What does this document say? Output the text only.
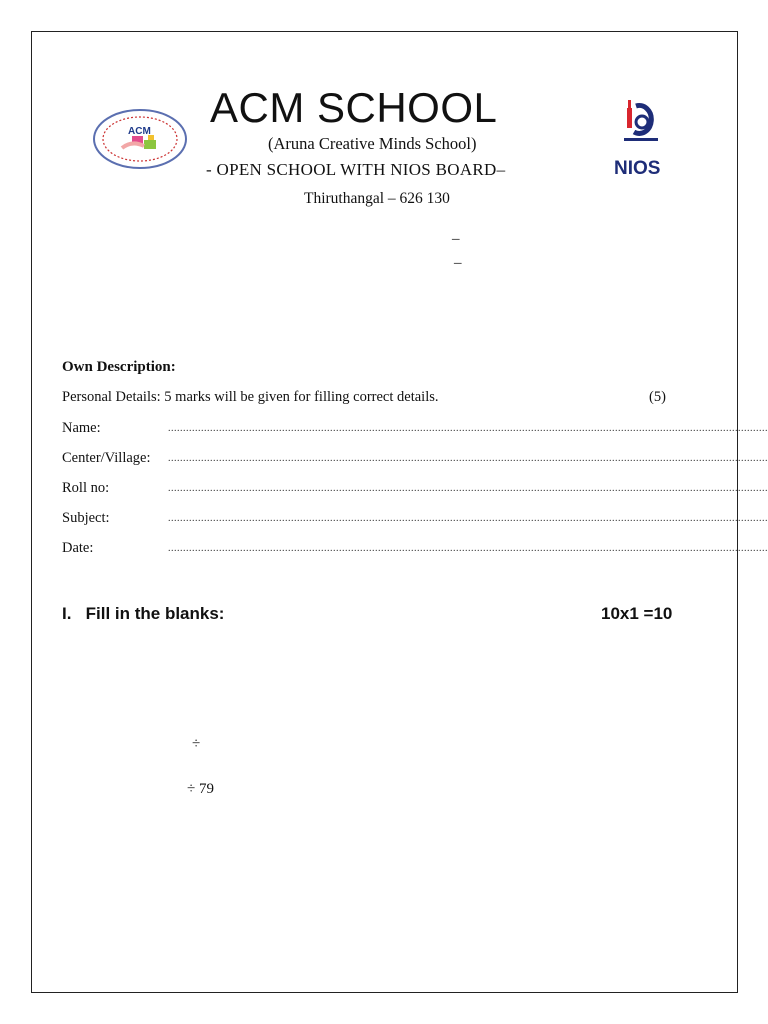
ACM
NIOS
ACM SCHOOL
(Aruna Creative Minds School)
- OPEN SCHOOL WITH NIOS BOARD–
Thiruthangal – 626 130
_
_
Own Description:
Personal Details: 5 marks will be given for filling correct details.	(5)
Name:	........................................................................................................................................................................................................
Center/Village: ........................................................................................................................................................................................................
Roll no:	........................................................................................................................................................................................................
Subject:	........................................................................................................................................................................................................
Date:	........................................................................................................................................................................................................
I.   Fill in the blanks:	10x1 =10
÷
÷ 79
